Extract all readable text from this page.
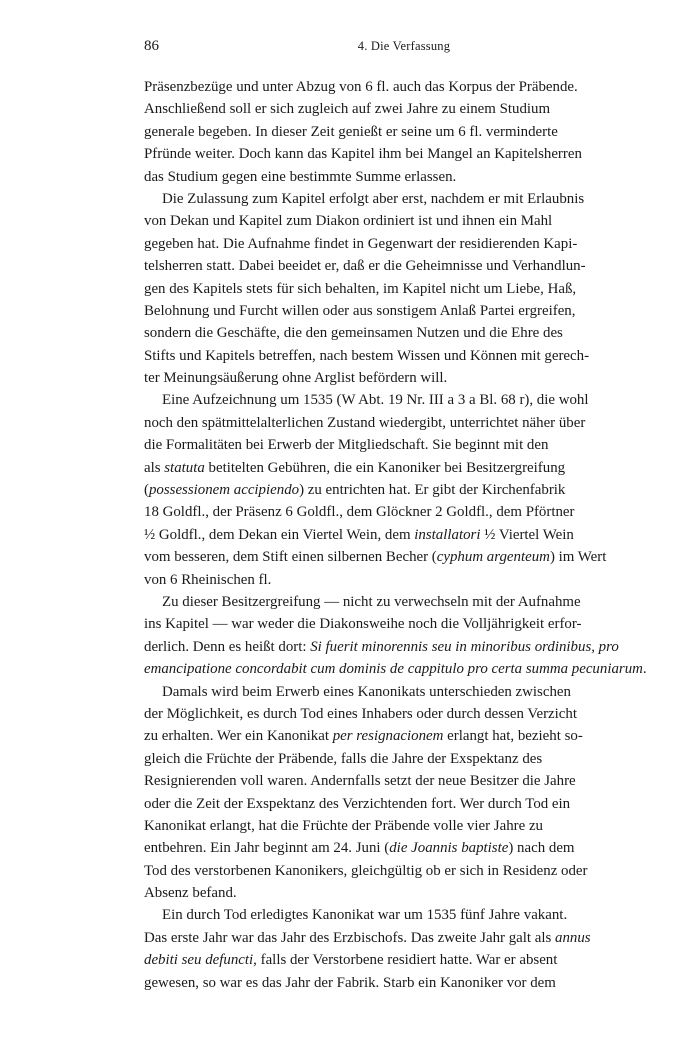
86	4. Die Verfassung
Präsenzbezüge und unter Abzug von 6 fl. auch das Korpus der Präbende.
Anschließend soll er sich zugleich auf zwei Jahre zu einem Studium
generale begeben. In dieser Zeit genießt er seine um 6 fl. verminderte
Pfründe weiter. Doch kann das Kapitel ihm bei Mangel an Kapitelsherren
das Studium gegen eine bestimmte Summe erlassen.
Die Zulassung zum Kapitel erfolgt aber erst, nachdem er mit Erlaubnis
von Dekan und Kapitel zum Diakon ordiniert ist und ihnen ein Mahl
gegeben hat. Die Aufnahme findet in Gegenwart der residierenden Kapi-
telsherren statt. Dabei beeidet er, daß er die Geheimnisse und Verhandlun-
gen des Kapitels stets für sich behalten, im Kapitel nicht um Liebe, Haß,
Belohnung und Furcht willen oder aus sonstigem Anlaß Partei ergreifen,
sondern die Geschäfte, die den gemeinsamen Nutzen und die Ehre des
Stifts und Kapitels betreffen, nach bestem Wissen und Können mit gerech-
ter Meinungsäußerung ohne Arglist befördern will.
Eine Aufzeichnung um 1535 (W Abt. 19 Nr. III a 3 a Bl. 68 r), die wohl
noch den spätmittelalterlichen Zustand wiedergibt, unterrichtet näher über
die Formalitäten bei Erwerb der Mitgliedschaft. Sie beginnt mit den
als statuta betitelten Gebühren, die ein Kanoniker bei Besitzergreifung
(possessionem accipiendo) zu entrichten hat. Er gibt der Kirchenfabrik
18 Goldfl., der Präsenz 6 Goldfl., dem Glöckner 2 Goldfl., dem Pförtner
½ Goldfl., dem Dekan ein Viertel Wein, dem installatori ½ Viertel Wein
vom besseren, dem Stift einen silbernen Becher (cyphum argenteum) im Wert
von 6 Rheinischen fl.
Zu dieser Besitzergreifung — nicht zu verwechseln mit der Aufnahme
ins Kapitel — war weder die Diakonsweihe noch die Volljährigkeit erfor-
derlich. Denn es heißt dort: Si fuerit minorennis seu in minoribus ordinibus, pro
emancipatione concordabit cum dominis de cappitulo pro certa summa pecuniarum.
Damals wird beim Erwerb eines Kanonikats unterschieden zwischen
der Möglichkeit, es durch Tod eines Inhabers oder durch dessen Verzicht
zu erhalten. Wer ein Kanonikat per resignacionem erlangt hat, bezieht so-
gleich die Früchte der Präbende, falls die Jahre der Exspektanz des
Resignierenden voll waren. Andernfalls setzt der neue Besitzer die Jahre
oder die Zeit der Exspektanz des Verzichtenden fort. Wer durch Tod ein
Kanonikat erlangt, hat die Früchte der Präbende volle vier Jahre zu
entbehren. Ein Jahr beginnt am 24. Juni (die Joannis baptiste) nach dem
Tod des verstorbenen Kanonikers, gleichgültig ob er sich in Residenz oder
Absenz befand.
Ein durch Tod erledigtes Kanonikat war um 1535 fünf Jahre vakant.
Das erste Jahr war das Jahr des Erzbischofs. Das zweite Jahr galt als annus
debiti seu defuncti, falls der Verstorbene residiert hatte. War er absent
gewesen, so war es das Jahr der Fabrik. Starb ein Kanoniker vor dem
